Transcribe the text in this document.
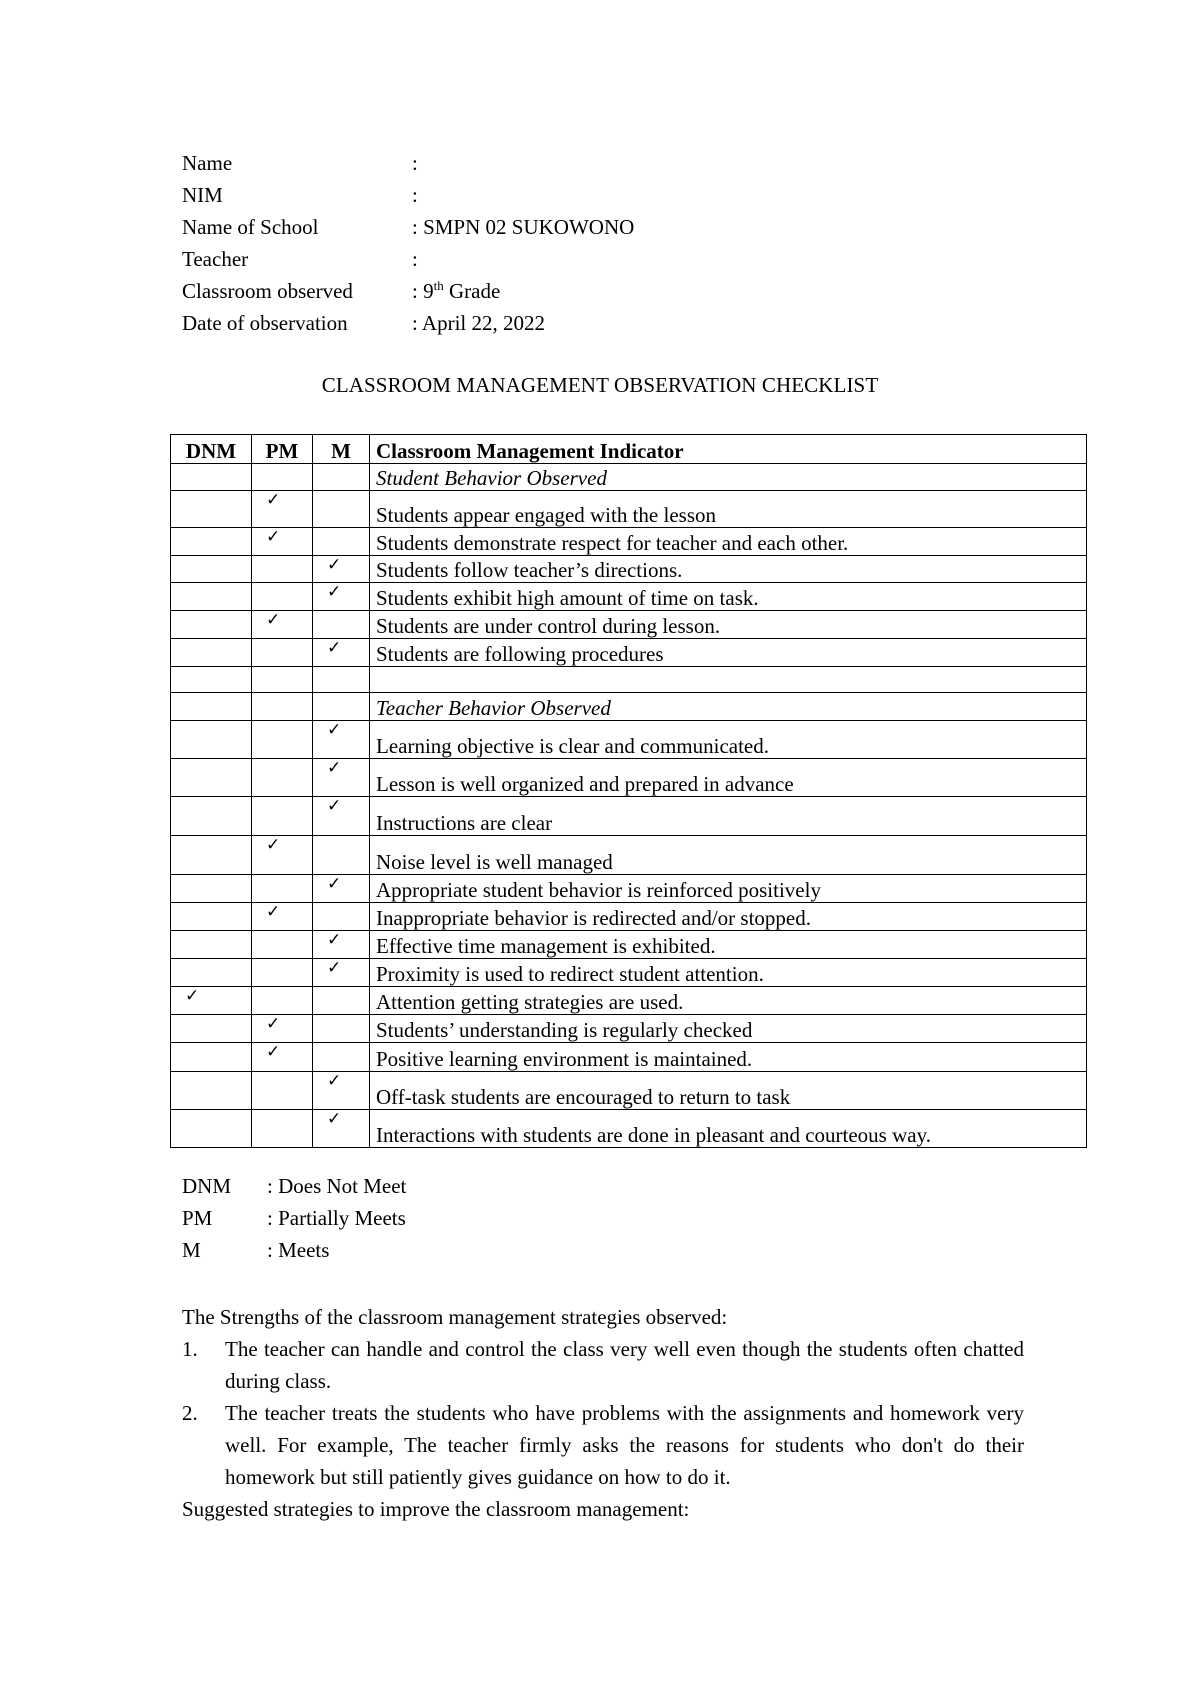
Name	:
NIM	:
Name of School	: SMPN 02 SUKOWONO
Teacher	:
Classroom observed	: 9th Grade
Date of observation	: April 22, 2022
CLASSROOM MANAGEMENT OBSERVATION CHECKLIST
DNM	PM	M	Classroom Management Indicator
			Student Behavior Observed

	✓		Students appear engaged with the lesson

	✓		Students demonstrate respect for teacher and each other.

		✓	Students follow teacher’s directions.

		✓	Students exhibit high amount of time on task.

	✓		Students are under control during lesson.

		✓	Students are following procedures

			Teacher Behavior Observed

		✓	Learning objective is clear and communicated.

		✓	Lesson is well organized and prepared in advance

		✓	Instructions are clear

	✓		Noise level is well managed

		✓	Appropriate student behavior is reinforced positively

	✓		Inappropriate behavior is redirected and/or stopped.

		✓	Effective time management is exhibited.

		✓	Proximity is used to redirect student attention.

✓			Attention getting strategies are used.

	✓		Students’ understanding is regularly checked

	✓		Positive learning environment is maintained.

		✓	Off-task students are encouraged to return to task

		✓	Interactions with students are done in pleasant and courteous way.
DNM	: Does Not Meet
PM	: Partially Meets
M	: Meets

The Strengths of the classroom management strategies observed:

1.	The teacher can handle and control the class very well even though the students often chatted during class.
2.	The teacher treats the students who have problems with the assignments and homework very well. For example, The teacher firmly asks the reasons for students who don't do their homework but still patiently gives guidance on how to do it.

Suggested strategies to improve the classroom management:
